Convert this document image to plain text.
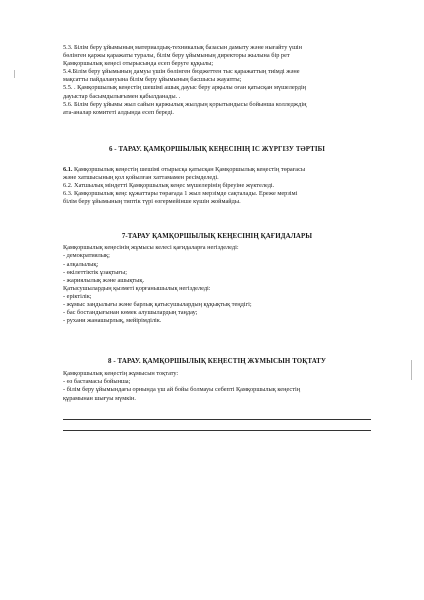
5.3. Білім беру ұйымының материалдық-техникалық базасын дамыту және нығайту үшін

бөлінген қаржы қаражаты туралы, білім беру ұйымының директоры жылына бір рет

Қамқоршылық кеңесі отырысында есеп беруге құқылы;

5.4.Білім беру ұйымының дамуы үшін бөлінген бюджеттен тыс қаражаттың тиімді және

мақсатты пайдалануына білім беру ұйымының басшысы жауапты;

5.5. . Қамқоршылық кеңестің шешімі ашық дауыс беру арқылы оған қатысқан мүшелердің

дауыстар басымдылығымен қабылданады. .

5.6. Білім беру ұйымы жыл сайын қаржылық жылдың қорытындысы бойынша колледждің

ата-аналар комитеті алдында есеп береді.

6 - ТАРАУ. ҚАМҚОРШЫЛЫҚ КЕҢЕСІНІҢ ІС ЖҮРГІЗУ ТӘРТІБІ

6.1. Қамқоршылық кеңестің шешімі отырысқа қатысқан Қамқоршылық кеңестің төрағасы

және хатшысының қол қойылған хаттамамен ресімделеді.

6.2. Хатшылық міндетті Қамқоршылық кеңес мүшелерінің біреуіне жүктеледі.

6.3. Қамқоршылық кеңс құжаттары төрағада 1 жыл мерзімде сақталады. Ереже мерзімі

білім беру ұйымының типтік түрі өзгермейінше күшін жоймайды.

7-ТАРАУ ҚАМҚОРШЫЛЫҚ КЕҢЕСІНІҢ ҚАҒИДАЛАРЫ

Қамқоршылық кеңесінің жұмысы келесі қағидаларға негізделеді:

- демократиялық;

- алқалылық;

- өкілеттіктік ұзақтығы;

- жариялылық және ашықтық.

Қатысушылардың қызметі қорғанышылық негізделеді:

- еріктілік;

- жұмыс заңдылығы және барлық қатысушылардың құқықтық теңдігі;

- бас бостандығынан көмек алушылардың таңдау;

- рухани жанашырлық, мейірімділік.

8 - ТАРАУ. ҚАМҚОРШЫЛЫҚ КЕҢЕСТІҢ ЖҰМЫСЫН ТОҚТАТУ

Қамқоршылық кеңестің жұмысын тоқтату:

- өз бастамасы бойынша;

- білім беру ұйымындағы орнында үш ай бойы болмауы себепті Қамқоршылық кеңестің

құрамынан шығуы мүмкін.
